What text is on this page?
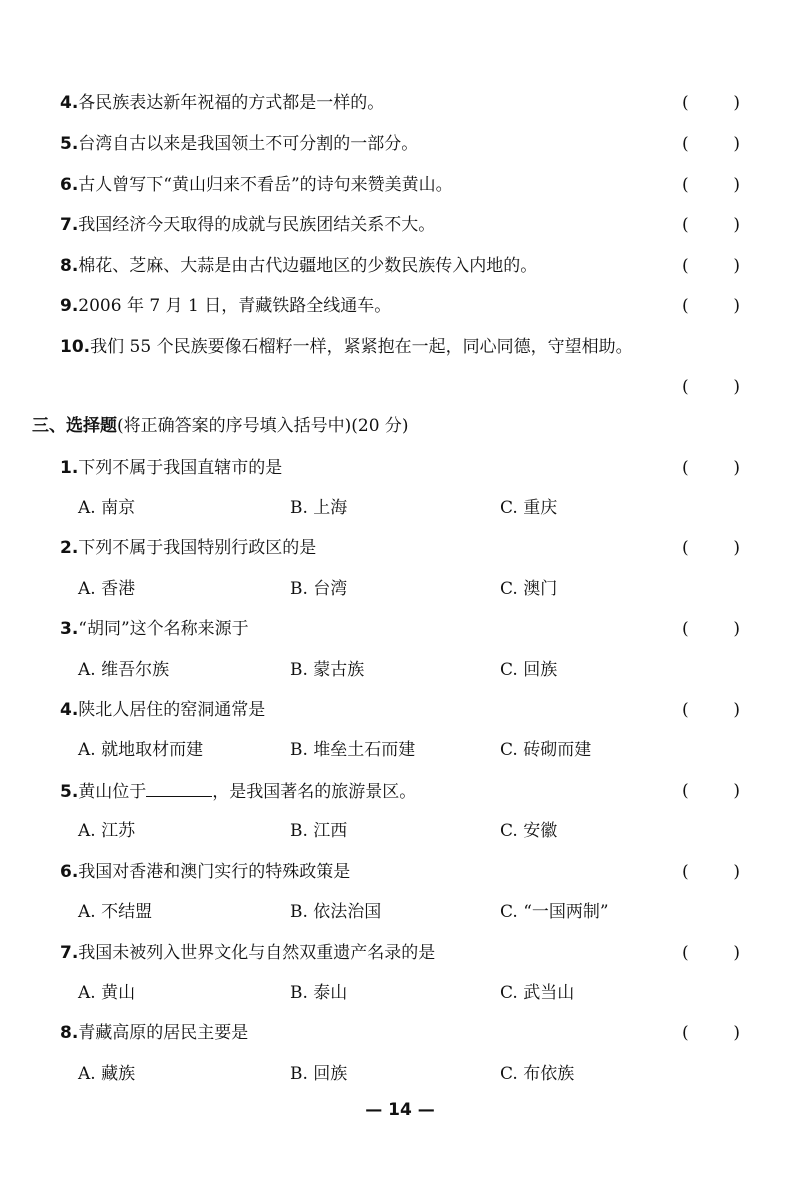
4.各民族表达新年祝福的方式都是一样的。	(	)
5.台湾自古以来是我国领土不可分割的一部分。	(	)
6.古人曾写下“黄山归来不看岳”的诗句来赞美黄山。	(	)
7.我国经济今天取得的成就与民族团结关系不大。	(	)
8.棉花、芝麻、大蒜是由古代边疆地区的少数民族传入内地的。	(	)
9.2006 年 7 月 1 日，青藏铁路全线通车。	(	)
10.我们 55 个民族要像石榴籽一样，紧紧抱在一起，同心同德，守望相助。
(	)
三、选择题(将正确答案的序号填入括号中)(20 分)
1.下列不属于我国直辖市的是	(	)
A. 南京	B. 上海	C. 重庆
2.下列不属于我国特别行政区的是	(	)
A. 香港	B. 台湾	C. 澳门
3.“胡同”这个名称来源于	(	)
A. 维吾尔族	B. 蒙古族	C. 回族
4.陕北人居住的窑洞通常是	(	)
A. 就地取材而建	B. 堆垒土石而建	C. 砖砌而建
5.黄山位于	，是我国著名的旅游景区。	(	)
A. 江苏	B. 江西	C. 安徽
6.我国对香港和澳门实行的特殊政策是	(	)
A. 不结盟	B. 依法治国	C. “一国两制”
7.我国未被列入世界文化与自然双重遗产名录的是	(	)
A. 黄山	B. 泰山	C. 武当山
8.青藏高原的居民主要是	(	)
A. 藏族	B. 回族	C. 布依族
— 14 —
